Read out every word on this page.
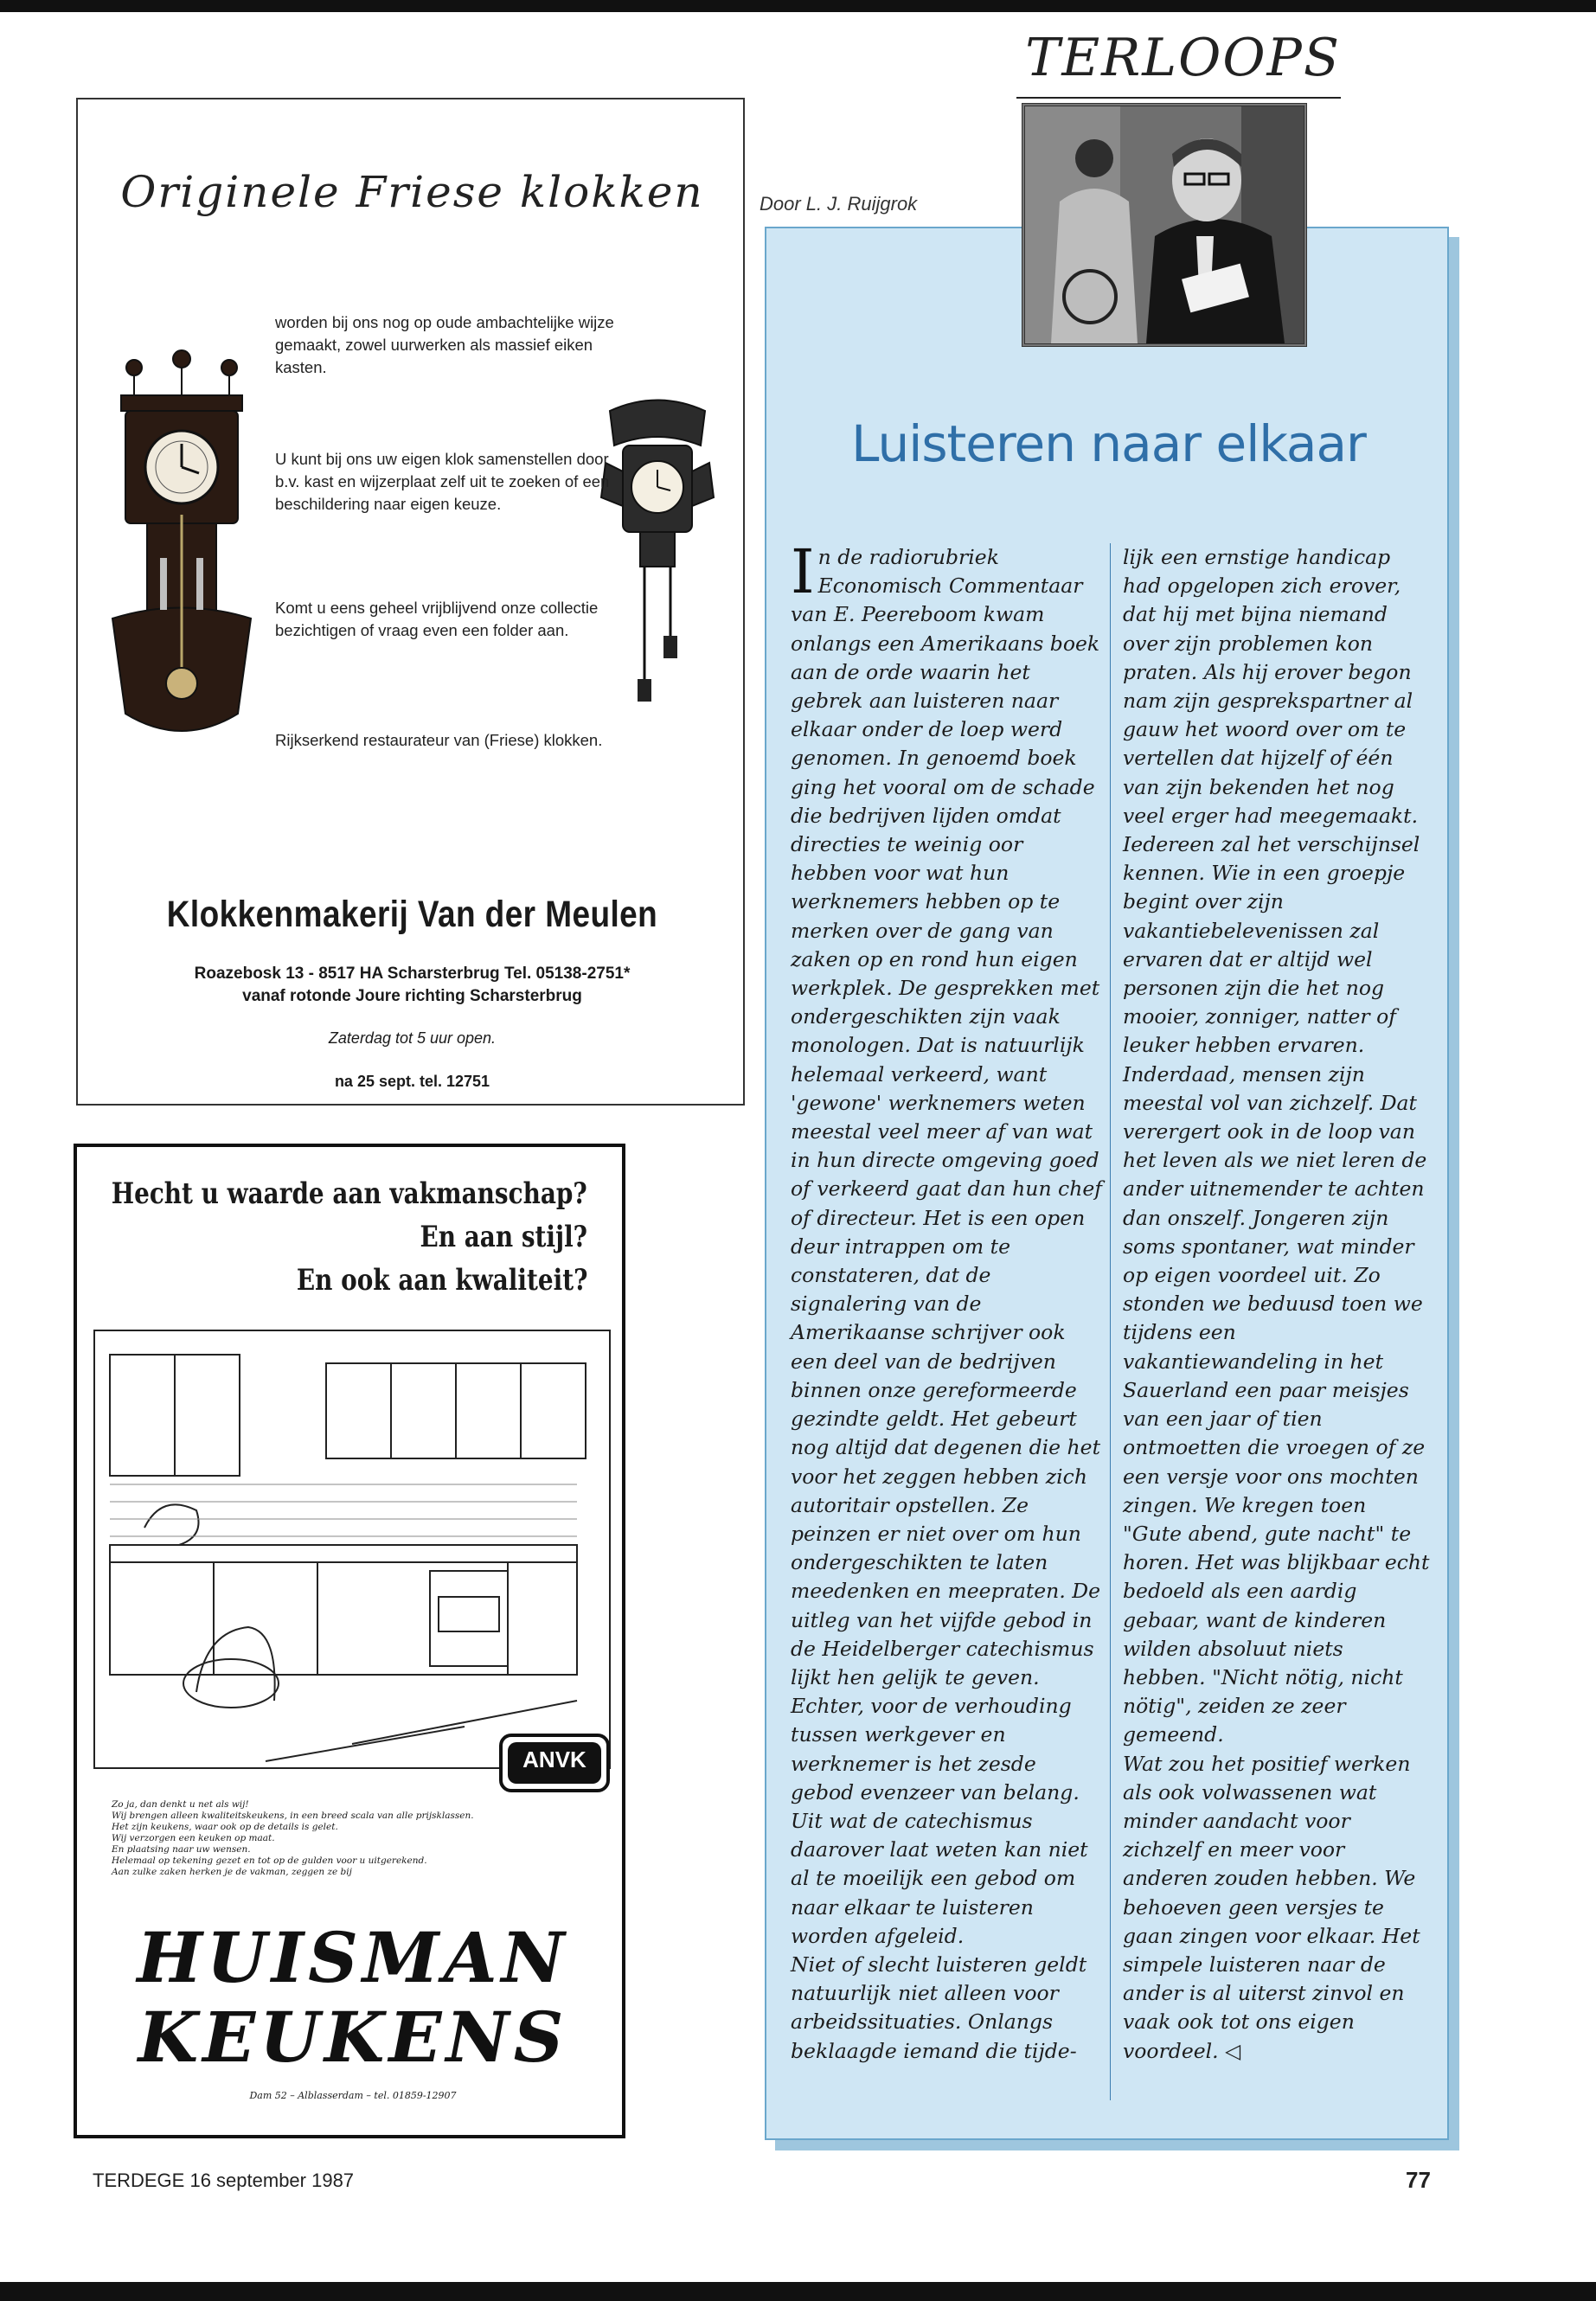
Originele Friese klokken
worden bij ons nog op oude ambachtelijke wijze gemaakt, zowel uurwerken als massief eiken kasten.
U kunt bij ons uw eigen klok samenstellen door b.v. kast en wijzerplaat zelf uit te zoeken of een beschildering naar eigen keuze.
Komt u eens geheel vrijblijvend onze collectie bezichtigen of vraag even een folder aan.
Rijkserkend restaurateur van (Friese) klokken.
Klokkenmakerij Van der Meulen
Roazebosk 13 - 8517 HA Scharsterbrug Tel. 05138-2751*
vanaf rotonde Joure richting Scharsterbrug
Zaterdag tot 5 uur open.
na 25 sept. tel. 12751
Hecht u waarde aan vakmanschap?
En aan stijl?
En ook aan kwaliteit?
ANVK
Zo ja, dan denkt u net als wij!
Wij brengen alleen kwaliteitskeukens, in een breed scala van alle prijsklassen.
Het zijn keukens, waar ook op de details is gelet.
Wij verzorgen een keuken op maat.
En plaatsing naar uw wensen.
Helemaal op tekening gezet en tot op de gulden voor u uitgerekend.
Aan zulke zaken herken je de vakman, zeggen ze bij
HUISMAN
KEUKENS
Dam 52 – Alblasserdam – tel. 01859-12907
TERLOOPS
Door L. J. Ruijgrok
Luisteren naar elkaar
I n de radiorubriek Economisch Commentaar van E. Peereboom kwam onlangs een Amerikaans boek aan de orde waarin het gebrek aan luisteren naar elkaar onder de loep werd genomen. In genoemd boek ging het vooral om de schade die bedrijven lijden omdat directies te weinig oor hebben voor wat hun werknemers hebben op te merken over de gang van zaken op en rond hun eigen werkplek. De gesprekken met ondergeschikten zijn vaak monologen. Dat is natuurlijk helemaal verkeerd, want 'gewone' werknemers weten meestal veel meer af van wat in hun directe omgeving goed of verkeerd gaat dan hun chef of directeur. Het is een open deur intrappen om te constateren, dat de signalering van de Amerikaanse schrijver ook een deel van de bedrijven binnen onze gereformeerde gezindte geldt. Het gebeurt nog altijd dat degenen die het voor het zeggen hebben zich autoritair opstellen. Ze peinzen er niet over om hun ondergeschikten te laten meedenken en meepraten. De uitleg van het vijfde gebod in de Heidelberger catechismus lijkt hen gelijk te geven. Echter, voor de verhouding tussen werkgever en werknemer is het zesde gebod evenzeer van belang. Uit wat de catechismus daarover laat weten kan niet al te moeilijk een gebod om naar elkaar te luisteren worden afgeleid.

Niet of slecht luisteren geldt natuurlijk niet alleen voor arbeidssituaties. Onlangs beklaagde iemand die tijde-

lijk een ernstige handicap had opgelopen zich erover, dat hij met bijna niemand over zijn problemen kon praten. Als hij erover begon nam zijn gesprekspartner al gauw het woord over om te vertellen dat hijzelf of één van zijn bekenden het nog veel erger had meegemaakt.

Iedereen zal het verschijnsel kennen. Wie in een groepje begint over zijn vakantiebelevenissen zal ervaren dat er altijd wel personen zijn die het nog mooier, zonniger, natter of leuker hebben ervaren. Inderdaad, mensen zijn meestal vol van zichzelf. Dat verergert ook in de loop van het leven als we niet leren de ander uitnemender te achten dan onszelf. Jongeren zijn soms spontaner, wat minder op eigen voordeel uit. Zo stonden we beduusd toen we tijdens een vakantiewandeling in het Sauerland een paar meisjes van een jaar of tien ontmoetten die vroegen of ze een versje voor ons mochten zingen. We kregen toen "Gute abend, gute nacht" te horen. Het was blijkbaar echt bedoeld als een aardig gebaar, want de kinderen wilden absoluut niets hebben. "Nicht nötig, nicht nötig", zeiden ze zeer gemeend.

Wat zou het positief werken als ook volwassenen wat minder aandacht voor zichzelf en meer voor anderen zouden hebben. We behoeven geen versjes te gaan zingen voor elkaar. Het simpele luisteren naar de ander is al uiterst zinvol en vaak ook tot ons eigen voordeel. ◁

TERDEGE 16 september 1987	77
